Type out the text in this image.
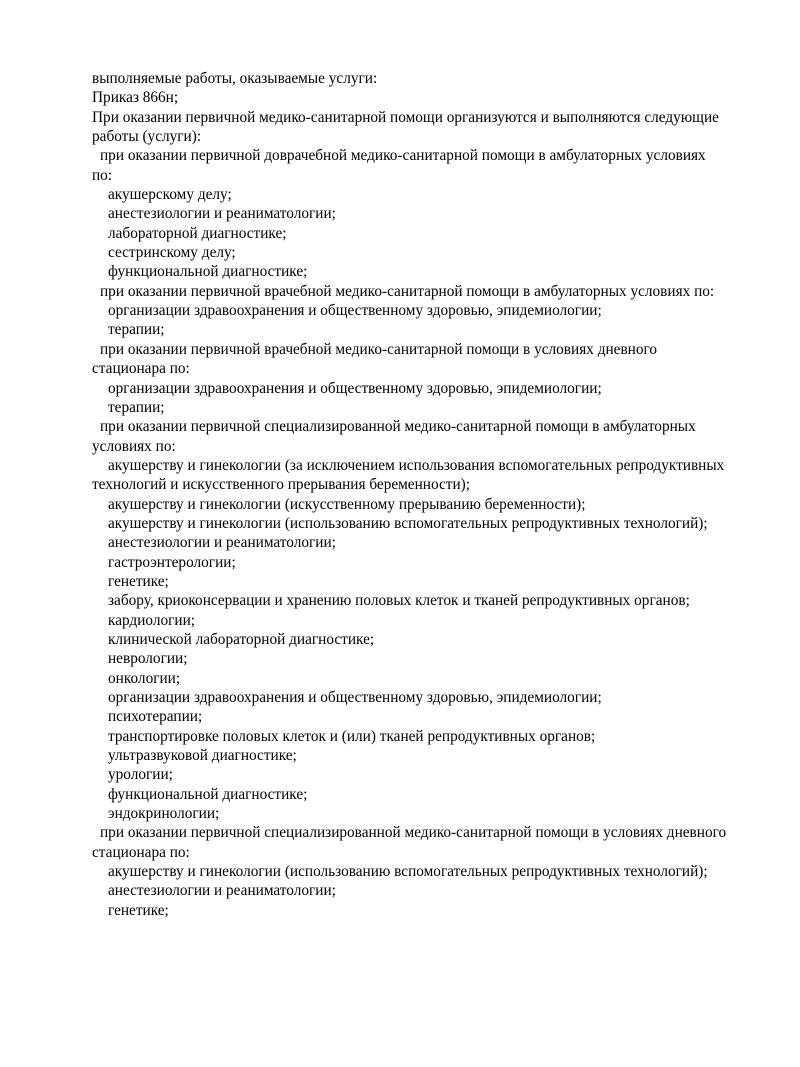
выполняемые работы, оказываемые услуги:
Приказ 866н;
При оказании первичной медико-санитарной помощи организуются и выполняются следующие
работы (услуги):
при оказании первичной доврачебной медико-санитарной помощи в амбулаторных условиях
по:
акушерскому делу;
анестезиологии и реаниматологии;
лабораторной диагностике;
сестринскому делу;
функциональной диагностике;
при оказании первичной врачебной медико-санитарной помощи в амбулаторных условиях по:
организации здравоохранения и общественному здоровью, эпидемиологии;
терапии;
при оказании первичной врачебной медико-санитарной помощи в условиях дневного
стационара по:
организации здравоохранения и общественному здоровью, эпидемиологии;
терапии;
при оказании первичной специализированной медико-санитарной помощи в амбулаторных
условиях по:
акушерству и гинекологии (за исключением использования вспомогательных репродуктивных
технологий и искусственного прерывания беременности);
акушерству и гинекологии (искусственному прерыванию беременности);
акушерству и гинекологии (использованию вспомогательных репродуктивных технологий);
анестезиологии и реаниматологии;
гастроэнтерологии;
генетике;
забору, криоконсервации и хранению половых клеток и тканей репродуктивных органов;
кардиологии;
клинической лабораторной диагностике;
неврологии;
онкологии;
организации здравоохранения и общественному здоровью, эпидемиологии;
психотерапии;
транспортировке половых клеток и (или) тканей репродуктивных органов;
ультразвуковой диагностике;
урологии;
функциональной диагностике;
эндокринологии;
при оказании первичной специализированной медико-санитарной помощи в условиях дневного
стационара по:
акушерству и гинекологии (использованию вспомогательных репродуктивных технологий);
анестезиологии и реаниматологии;
генетике;
